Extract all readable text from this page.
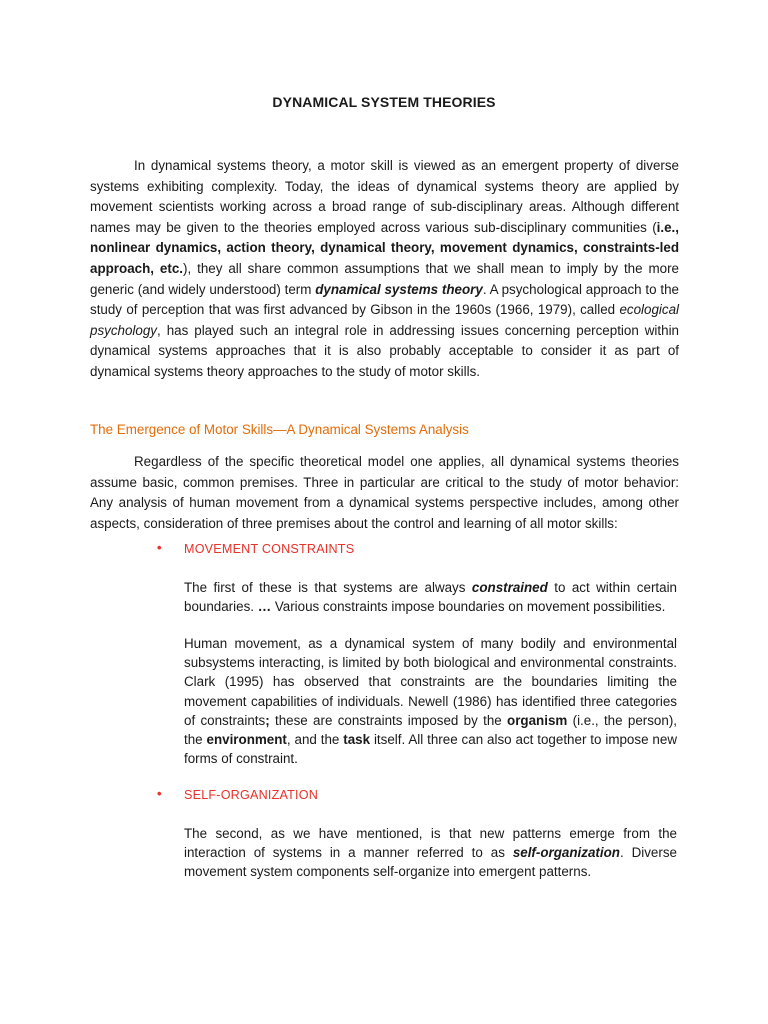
DYNAMICAL SYSTEM THEORIES

In dynamical systems theory, a motor skill is viewed as an emergent property of diverse systems exhibiting complexity. Today, the ideas of dynamical systems theory are applied by movement scientists working across a broad range of sub-disciplinary areas. Although different names may be given to the theories employed across various sub-disciplinary communities (i.e., nonlinear dynamics, action theory, dynamical theory, movement dynamics, constraints-led approach, etc.), they all share common assumptions that we shall mean to imply by the more generic (and widely understood) term dynamical systems theory. A psychological approach to the study of perception that was first advanced by Gibson in the 1960s (1966, 1979), called ecological psychology, has played such an integral role in addressing issues concerning perception within dynamical systems approaches that it is also probably acceptable to consider it as part of dynamical systems theory approaches to the study of motor skills.

The Emergence of Motor Skills—A Dynamical Systems Analysis

Regardless of the specific theoretical model one applies, all dynamical systems theories assume basic, common premises. Three in particular are critical to the study of motor behavior: Any analysis of human movement from a dynamical systems perspective includes, among other aspects, consideration of three premises about the control and learning of all motor skills:

• MOVEMENT CONSTRAINTS

The first of these is that systems are always constrained to act within certain boundaries. … Various constraints impose boundaries on movement possibilities.

Human movement, as a dynamical system of many bodily and environmental subsystems interacting, is limited by both biological and environmental constraints. Clark (1995) has observed that constraints are the boundaries limiting the movement capabilities of individuals. Newell (1986) has identified three categories of constraints; these are constraints imposed by the organism (i.e., the person), the environment, and the task itself. All three can also act together to impose new forms of constraint.

• SELF-ORGANIZATION

The second, as we have mentioned, is that new patterns emerge from the interaction of systems in a manner referred to as self-organization. Diverse movement system components self-organize into emergent patterns.
